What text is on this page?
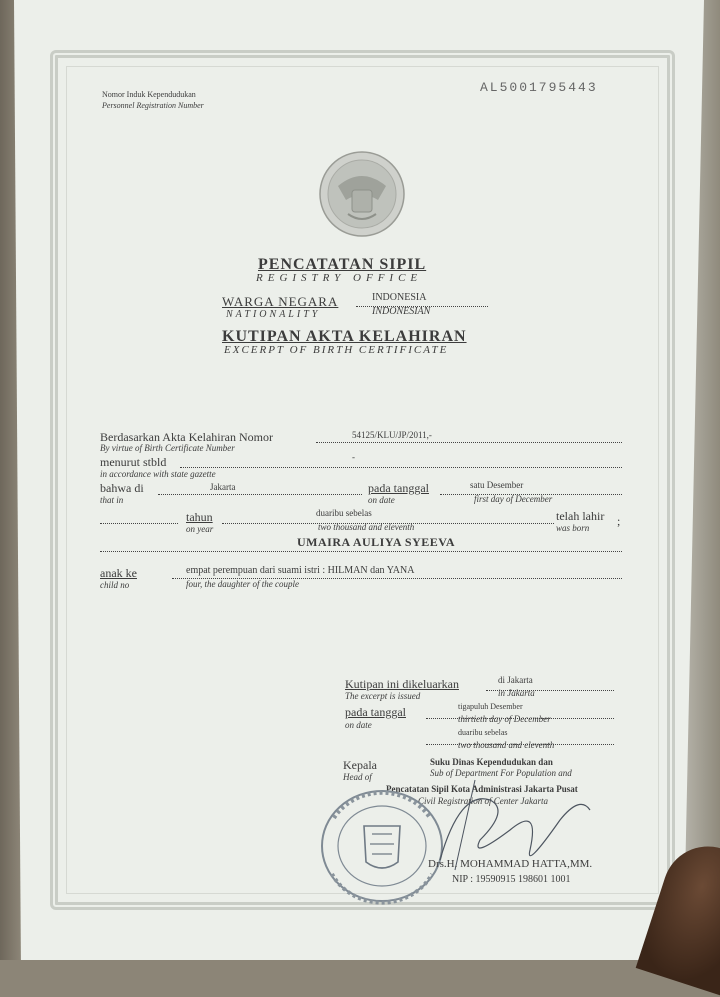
Nomor Induk Kependudukan
Personnel Registration Number
AL5001795443
PENCATATAN SIPIL
REGISTRY OFFICE
WARGA NEGARA
NATIONALITY
INDONESIA
INDONESIAN
KUTIPAN AKTA KELAHIRAN
EXCERPT OF BIRTH CERTIFICATE
Berdasarkan Akta Kelahiran Nomor
By virtue of Birth Certificate Number
54125/KLU/JP/2011,-
menurut stbld
in accordance with state gazette
-
bahwa di
that in
Jakarta	pada tanggal
on date
satu Desember
first day of December
tahun
on year
duaribu sebelas
two thousand and eleventh
telah lahir
was born ;
UMAIRA AULIYA SYEEVA
anak ke
child no
empat perempuan dari suami istri : HILMAN dan YANA
four, the daughter of the couple
Kutipan ini dikeluarkan
The excerpt is issued
di Jakarta
in Jakarta
pada tanggal
on date
tigapuluh Desember
thirtieth day of December
duaribu sebelas
two thousand and eleventh
Kepala
Head of
Suku Dinas Kependudukan dan
Sub of Department For Population and
Pencatatan Sipil Kota Administrasi Jakarta Pusat
Civil Registration of Center Jakarta
Drs.H. MOHAMMAD HATTA,MM.
NIP : 19590915 198601 1001
